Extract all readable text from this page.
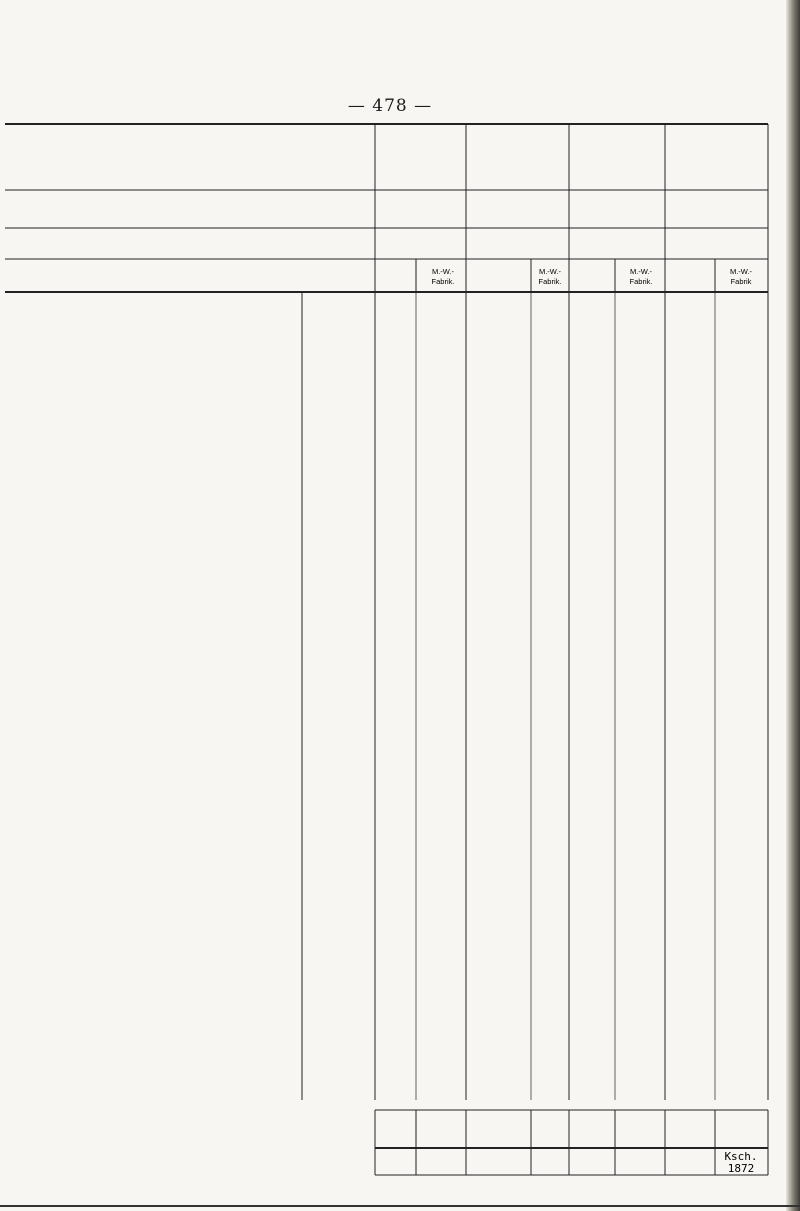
— 478 —
M.-W.-
Fabrik.
M.-W.-
Fabrik.
M.-W.-
Fabrik.
M.-W.-
Fabrik
Ksch.
1872
